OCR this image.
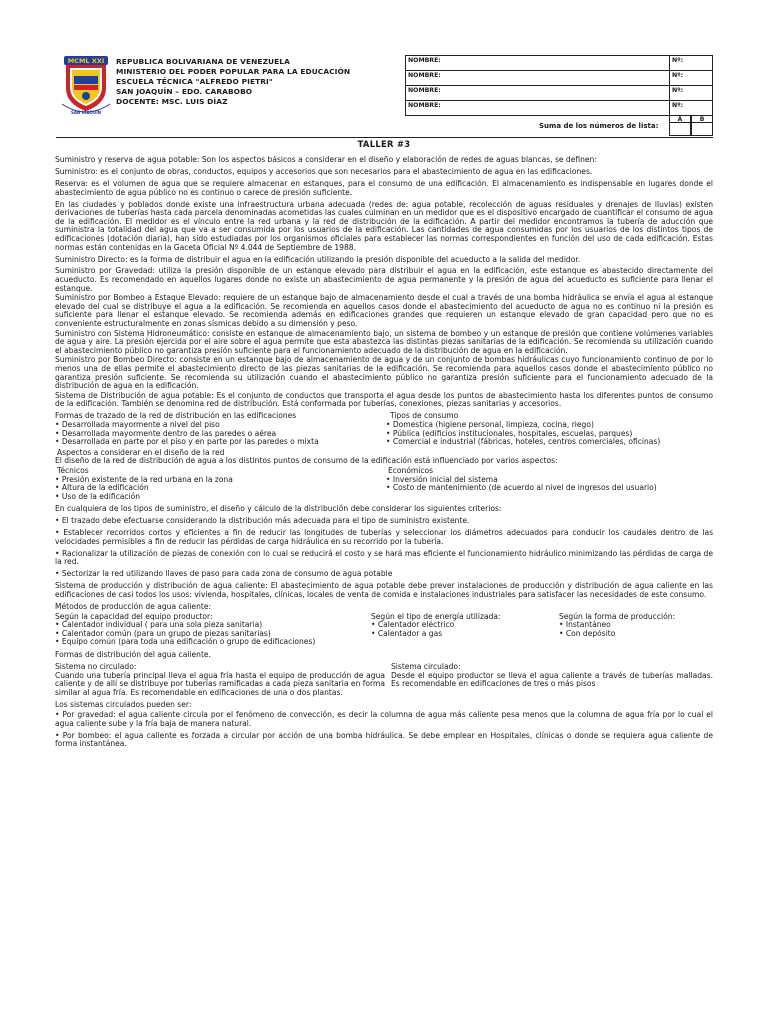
MCML XXI
SAN JOAQUÍN
REPUBLICA BOLIVARIANA DE VENEZUELA
MINISTERIO DEL PODER POPULAR PARA LA EDUCACIÓN
ESCUELA TÉCNICA "ALFREDO PIETRI"
SAN JOAQUÍN – EDO. CARABOBO
DOCENTE: MSC. LUIS DÍAZ
NOMBRE:	Nº:
NOMBRE:	Nº:
NOMBRE:	Nº:
NOMBRE:	Nº:
Suma de los números de lista:
A	B
TALLER #3

Suministro y reserva de agua potable: Son los aspectos básicos a considerar en el diseño y elaboración de redes de aguas blancas, se definen:

Suministro: es el conjunto de obras, conductos, equipos y accesorios que son necesarios para el abastecimiento de agua en las edificaciones.

Reserva: es el volumen de agua que se requiere almacenar en estanques, para el consumo de una edificación. El almacenamiento es indispensable en lugares donde el abastecimiento de agua público no es continuo o carece de presión suficiente.

En las ciudades y poblados donde existe una infraestructura urbana adecuada (redes de: agua potable, recolección de aguas residuales y drenajes de lluvias) existen derivaciones de tuberías hasta cada parcela denominadas acometidas las cuales culminan en un medidor que es el dispositivo encargado de cuantificar el consumo de agua de la edificación. El medidor es el vínculo entre la red urbana y la red de distribución de la edificación. A partir del medidor encontramos la tubería de aducción que suministra la totalidad del agua que va a ser consumida por los usuarios de la edificación. Las cantidades de agua consumidas por los usuarios de los distintos tipos de edificaciones (dotación diaria), han sido estudiadas por los organismos oficiales para establecer las normas correspondientes en función del uso de cada edificación. Estas normas están contenidas en la Gaceta Oficial Nº 4.044 de Septiembre de 1988.

Suministro Directo: es la forma de distribuir el agua en la edificación utilizando la presión disponible del acueducto a la salida del medidor.

Suministro por Gravedad: utiliza la presión disponible de un estanque elevado para distribuir el agua en la edificación, este estanque es abastecido directamente del acueducto. Es recomendado en aquellos lugares donde no existe un abastecimiento de agua permanente y la presión de agua del acueducto es suficiente para llenar el estanque.

Suministro por Bombeo a Estaque Elevado: requiere de un estanque bajo de almacenamiento desde el cual a través de una bomba hidráulica se envía el agua al estanque elevado del cual se distribuye el agua a la edificación. Se recomienda en aquellos casos donde el abastecimiento del acueducto de agua no es continuo ni la presión es suficiente para llenar el estanque elevado. Se recomienda además en edificaciones grandes que requieren un estanque elevado de gran capacidad pero que no es conveniente estructuralmente en zonas sísmicas debido a su dimensión y peso.

Suministro con Sistema Hidroneumático: consiste en estanque de almacenamiento bajo, un sistema de bombeo y un estanque de presión que contiene volúmenes variables de agua y aire. La presión ejercida por el aire sobre el agua permite que esta abastezca las distintas piezas sanitarias de la edificación. Se recomienda su utilización cuando el abastecimiento público no garantiza presión suficiente para el funcionamiento adecuado de la distribución de agua en la edificación.

Suministro por Bombeo Directo: consiste en un estanque bajo de almacenamiento de agua y de un conjunto de bombas hidráulicas cuyo funcionamiento continuo de por lo menos una de ellas permite el abastecimiento directo de las piezas sanitarias de la edificación. Se recomienda para aquellos casos donde el abastecimiento público no garantiza presión suficiente. Se recomienda su utilización cuando el abastecimiento público no garantiza presión suficiente para el funcionamiento adecuado de la distribución de agua en la edificación.

Sistema de Distribución de agua potable: Es el conjunto de conductos que transporta el agua desde los puntos de abastecimiento hasta los diferentes puntos de consumo de la edificación. También se denomina red de distribución. Está conformada por tuberías, conexiones, piezas sanitarias y accesorios.

Formas de trazado de la red de distribución en las edificaciones
• Desarrollada mayormente a nivel del piso
• Desarrollada mayormente dentro de las paredes o aérea
• Desarrollada en parte por el piso y en parte por las paredes o mixta
Tipos de consumo
• Domestica (higiene personal, limpieza, cocina, riego)
• Pública (edificios institucionales, hospitales, escuelas, parques)
• Comercial e industrial (fábricas, hoteles, centros comerciales, oficinas)
Aspectos a considerar en el diseño de la red

El diseño de la red de distribución de agua a los distintos puntos de consumo de la edificación está influenciado por varios aspectos:

Técnicos
• Presión existente de la red urbana en la zona
• Altura de la edificación
• Uso de la edificación
Económicos
• Inversión inicial del sistema
• Costo de mantenimiento (de acuerdo al nivel de ingresos del usuario)

En cualquiera de los tipos de suministro, el diseño y cálculo de la distribución debe considerar los siguientes criterios:

• El trazado debe efectuarse considerando la distribución más adecuada para el tipo de suministro existente.

• Establecer recorridos cortos y eficientes a fin de reducir las longitudes de tuberías y seleccionar los diámetros adecuados para conducir los caudales dentro de las velocidades permisibles a fin de reducir las pérdidas de carga hidráulica en su recorrido por la tubería.

• Racionalizar la utilización de piezas de conexión con lo cual se reducirá el costo y se hará mas eficiente el funcionamiento hidráulico minimizando las pérdidas de carga de la red.

• Sectorizar la red utilizando llaves de paso para cada zona de consumo de agua potable

Sistema de producción y distribución de agua caliente: El abastecimiento de agua potable debe prever instalaciones de producción y distribución de agua caliente en las edificaciones de casi todos los usos: vivienda, hospitales, clínicas, locales de venta de comida e instalaciones industriales para satisfacer las necesidades de este consumo.

Métodos de producción de agua caliente:

Según la capacidad del equipo productor:
• Calentador individual ( para una sola pieza sanitaria)
• Calentador común (para un grupo de piezas sanitarias)
• Equipo común (para toda una edificación o grupo de edificaciones)
Según el tipo de energía utilizada:
• Calentador eléctrico
• Calentador a gas
Según la forma de producción:
• Instantáneo
• Con depósito

Formas de distribución del agua caliente.

Sistema no circulado:
Cuando una tubería principal lleva el agua fría hasta el equipo de producción de agua caliente y de allí se distribuye por tuberías ramificadas a cada pieza sanitaria en forma similar al agua fría. Es recomendable en edificaciones de una o dos plantas.
Sistema circulado:
Desde el equipo productor se lleva el agua caliente a través de tuberías malladas. Es recomendable en edificaciones de tres o más pisos

Los sistemas circulados pueden ser:

• Por gravedad: el agua caliente circula por el fenómeno de convección, es decir la columna de agua más caliente pesa menos que la columna de agua fría por lo cual el agua caliente sube y la fría baja de manera natural.

• Por bombeo: el agua caliente es forzada a circular por acción de una bomba hidráulica. Se debe emplear en Hospitales, clínicas o donde se requiera agua caliente de forma instantánea.
